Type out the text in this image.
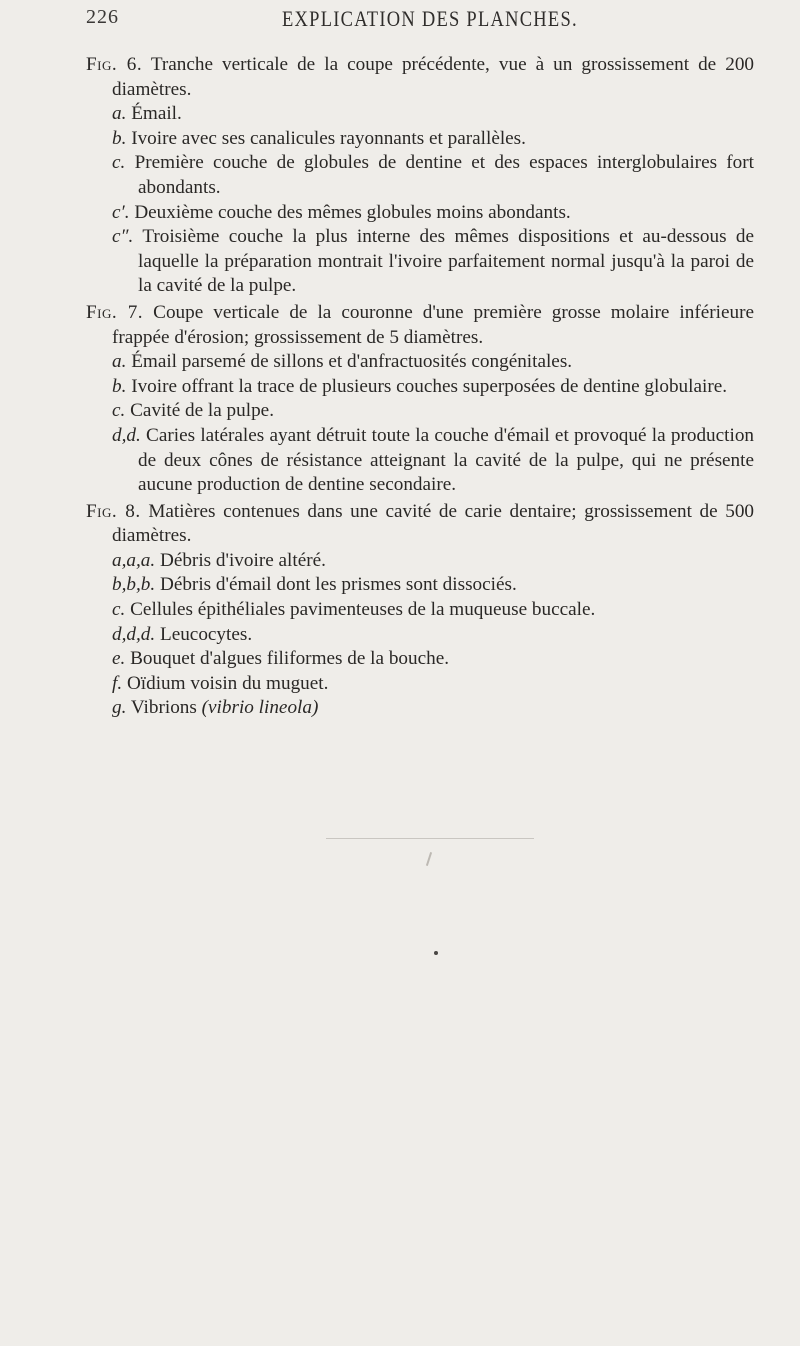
226	EXPLICATION DES PLANCHES.
Fig. 6. Tranche verticale de la coupe précédente, vue à un grossissement de 200 diamètres.
a. Émail.
b. Ivoire avec ses canalicules rayonnants et parallèles.
c. Première couche de globules de dentine et des espaces interglobulaires fort abondants.
c′. Deuxième couche des mêmes globules moins abondants.
c″. Troisième couche la plus interne des mêmes dispositions et au-dessous de laquelle la préparation montrait l'ivoire parfaitement normal jusqu'à la paroi de la cavité de la pulpe.
Fig. 7. Coupe verticale de la couronne d'une première grosse molaire inférieure frappée d'érosion; grossissement de 5 diamètres.
a. Émail parsemé de sillons et d'anfractuosités congénitales.
b. Ivoire offrant la trace de plusieurs couches superposées de dentine globulaire.
c. Cavité de la pulpe.
d,d. Caries latérales ayant détruit toute la couche d'émail et provoqué la production de deux cônes de résistance atteignant la cavité de la pulpe, qui ne présente aucune production de dentine secondaire.
Fig. 8. Matières contenues dans une cavité de carie dentaire; grossissement de 500 diamètres.
a,a,a. Débris d'ivoire altéré.
b,b,b. Débris d'émail dont les prismes sont dissociés.
c. Cellules épithéliales pavimenteuses de la muqueuse buccale.
d,d,d. Leucocytes.
e. Bouquet d'algues filiformes de la bouche.
f. Oïdium voisin du muguet.
g. Vibrions (vibrio lineola)
